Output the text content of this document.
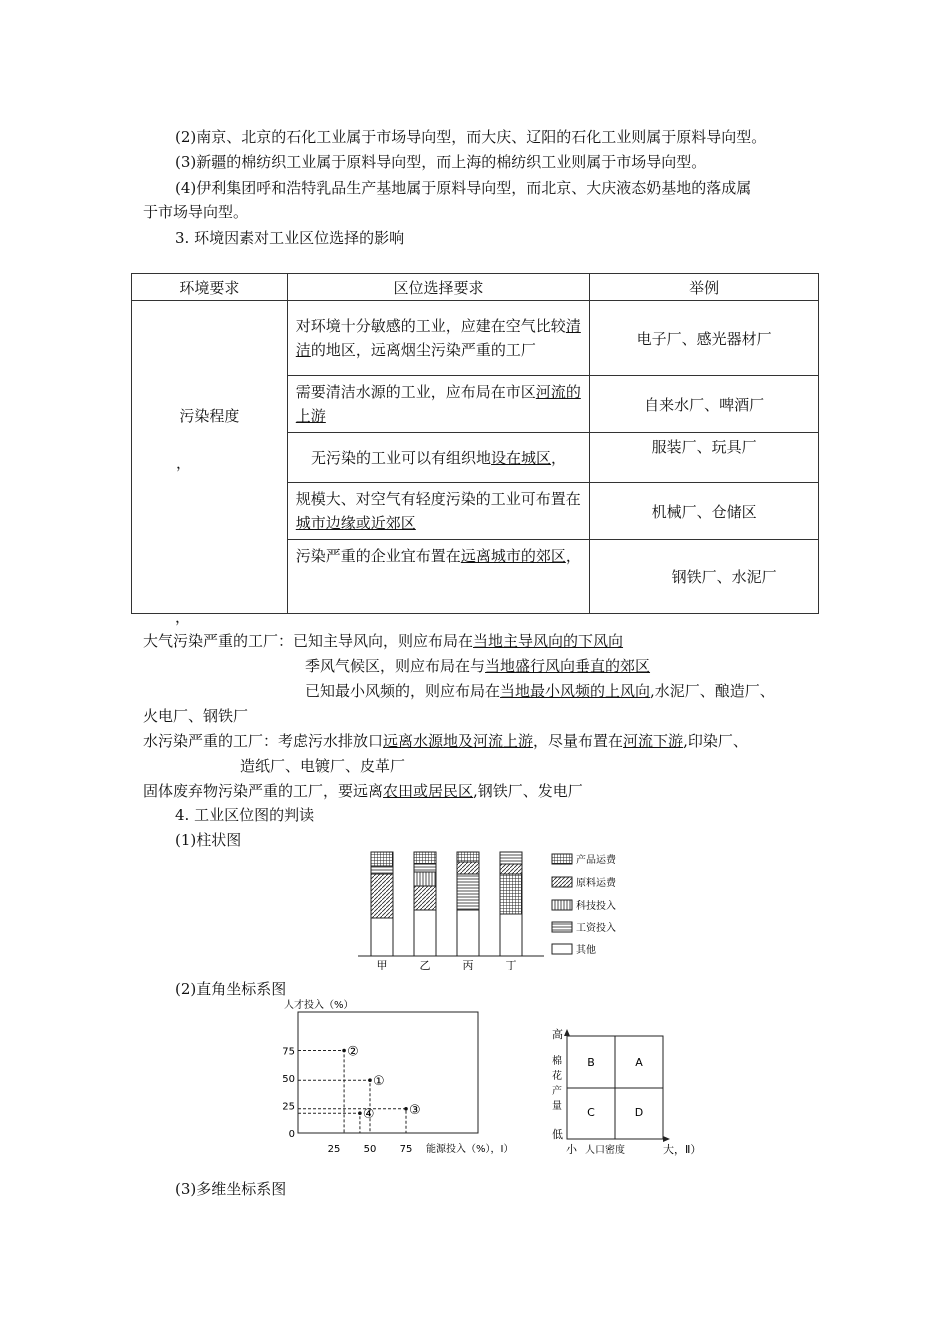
(2)南京、北京的石化工业属于市场导向型，而大庆、辽阳的石化工业则属于原料导向型。
(3)新疆的棉纺织工业属于原料导向型，而上海的棉纺织工业则属于市场导向型。
(4)伊利集团呼和浩特乳品生产基地属于原料导向型，而北京、大庆液态奶基地的落成属
于市场导向型。
3. 环境因素对工业区位选择的影响
环境要求	区位选择要求	举例

污染程度
，	对环境十分敏感的工业，应建在空气比较清洁的地区，远离烟尘污染严重的工厂	电子厂、感光器材厂
	需要清洁水源的工业，应布局在市区河流的上游	自来水厂、啤酒厂
	无污染的工业可以有组织地设在城区，	服装厂、玩具厂
	规模大、对空气有轻度污染的工业可布置在城市边缘或近郊区	机械厂、仓储区
	污染严重的企业宜布置在远离城市的郊区，	钢铁厂、水泥厂
，
大气污染严重的工厂：已知主导风向，则应布局在当地主导风向的下风向
季风气候区，则应布局在与当地盛行风向垂直的郊区
已知最小风频的，则应布局在当地最小风频的上风向,水泥厂、酿造厂、
火电厂、钢铁厂
水污染严重的工厂：考虑污水排放口远离水源地及河流上游，尽量布置在河流下游,印染厂、
造纸厂、电镀厂、皮革厂
固体废弃物污染严重的工厂，要远离农田或居民区,钢铁厂、发电厂
4. 工业区位图的判读
(1)柱状图
甲	乙	丙	丁
产品运费
原料运费
科技投入
工资投入
其他
(2)直角坐标系图
人才投入（%）
25 50 75
0
25
50
75
①
②
③
④
能源投入（%），Ⅰ）
B	A
C	D
高
棉
花
产
量
低
小 人口密度	大，Ⅱ）
(3)多维坐标系图
